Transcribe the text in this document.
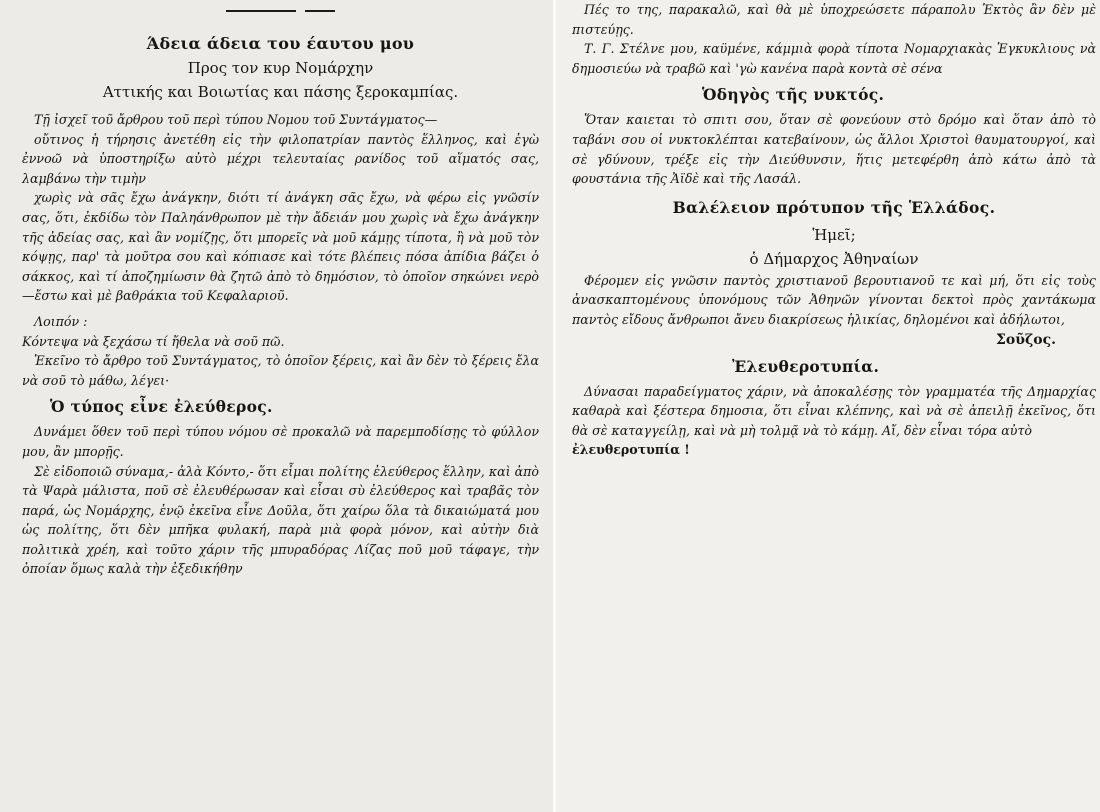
Άδεια άδεια του έαυτου μου
Προς τον κυρ Νομάρχην
Αττικής και Βοιωτίας και πάσης ξεροκαμπίας.

Τῇ ἰσχεῖ τοῦ ἄρθρου τοῦ περὶ τύπου Νομου τοῦ Συντάγματος—

οὔτινος ἡ τήρησις ἀνετέθη εἰς τὴν φιλοπατρίαν παντὸς ἕλληνος, καὶ ἐγὼ ἐννοῶ νὰ ὑποστηρίξω αὐτὸ μέχρι τελευταίας ρανίδος τοῦ αἵματός σας, λαμβάνω τὴν τιμὴν

χωρὶς νὰ σᾶς ἔχω ἀνάγκην, διότι τί ἀνάγκη σᾶς ἔχω, νὰ φέρω εἰς γνῶσίν σας, ὅτι, ἐκδίδω τὸν Παληάνθρωπον μὲ τὴν ἄδειάν μου χωρὶς νὰ ἔχω ἀνάγκην τῆς ἀδείας σας, καὶ ἂν νομίζῃς, ὅτι μπορεῖς νὰ μοῦ κάμῃς τίποτα, ἢ νὰ μοῦ τὸν κόψῃς, παρ' τὰ μοῦτρα σου καὶ κόπιασε καὶ τότε βλέπεις πόσα ἀπίδια βάζει ὁ σάκκος, καὶ τί ἀποζημίωσιν θὰ ζητῶ ἀπὸ τὸ δημόσιον, τὸ ὁποῖον σηκώνει νερὸ—ἔστω καὶ μὲ βαθράκια τοῦ Κεφαλαριοῦ.

Λοιπόν :

Κόντεψα νὰ ξεχάσω τί ἤθελα νὰ σοῦ πῶ.

Ἐκεῖνο τὸ ἄρθρο τοῦ Συντάγματος, τὸ ὁποῖον ξέρεις, καὶ ἂν δὲν τὸ ξέρεις ἔλα νὰ σοῦ τὸ μάθω, λέγει·

Ὁ τύπος εἶνε ἐλεύθερος.

Δυνάμει ὅθεν τοῦ περὶ τύπου νόμου σὲ προκαλῶ νὰ παρεμποδίσῃς τὸ φύλλον μου, ἂν μπορῇς.

Σὲ εἰδοποιῶ σύναμα,- ἀλὰ Κόντο,- ὅτι εἶμαι πολίτης ἐλεύθερος ἕλλην, καὶ ἀπὸ τὰ Ψαρὰ μάλιστα, ποῦ σὲ ἐλευθέρωσαν καὶ εἶσαι σὺ ἐλεύθερος καὶ τραβᾶς τὸν παρά, ὡς Νομάρχης, ἐνῷ ἐκεῖνα εἶνε Δοῦλα, ὅτι χαίρω ὅλα τὰ δικαιώματά μου ὡς πολίτης, ὅτι δὲν μπῆκα φυλακή, παρὰ μιὰ φορὰ μόνον, καὶ αὐτὴν διὰ πολιτικὰ χρέη, καὶ τοῦτο χάριν τῆς μπυραδόρας Λίζας ποῦ μοῦ τάφαγε, τὴν ὁποίαν ὅμως καλὰ τὴν ἐξεδικήθην

Πές το της, παρακαλῶ, καὶ θὰ μὲ ὑποχρεώσετε πάραπολυ Ἐκτὸς ἂν δὲν μὲ πιστεύῃς.

Τ. Γ. Στέλνε μου, καϋμένε, κάμμιὰ φορὰ τίποτα Νομαρχιακὰς Ἐγκυκλιους νὰ δημοσιεύω νὰ τραβῶ καὶ 'γὼ κανένα παρὰ κοντὰ σὲ σένα

Ὁδηγὸς τῆς νυκτός.

Ὅταν καιεται τὸ σπιτι σου, ὅταν σὲ φονεύουν στὸ δρόμο καὶ ὅταν ἀπὸ τὸ ταβάνι σου οἱ νυκτοκλέπται κατεβαίνουν, ὡς ἄλλοι Χριστοὶ θαυματουργοί, καὶ σὲ γδύνουν, τρέξε εἰς τὴν Διεύθυνσιν, ἥτις μετεφέρθη ἀπὸ κάτω ἀπὸ τὰ φουστάνια τῆς Ἀϊδὲ καὶ τῆς Λασάλ.

Βαλέλειον πρότυπον τῆς Ἑλλάδος.
Ἡμεῖ;
ὁ Δήμαρχος Ἀθηναίων

Φέρομεν εἰς γνῶσιν παντὸς χριστιανοῦ βερουτιανοῦ τε καὶ μή, ὅτι εἰς τοὺς ἀνασκαπτομένους ὑπονόμους τῶν Ἀθηνῶν γίνονται δεκτοὶ πρὸς χαντάκωμα παντὸς εἴδους ἄνθρωποι ἄνευ διακρίσεως ἡλικίας, δηλομένοι καὶ ἀδήλωτοι,

Σοῦζος.
Ἐλευθεροτυπία.

Δύνασαι παραδείγματος χάριν, νὰ ἀποκαλέσῃς τὸν γραμματέα τῆς Δημαρχίας καθαρὰ καὶ ξέστερα δημοσια, ὅτι εἶναι κλέπνης, καὶ νὰ σὲ ἀπειλῇ ἐκεῖνος, ὅτι θὰ σὲ καταγγείλῃ, καὶ νὰ μὴ τολμᾷ νὰ τὸ κάμῃ. Αἴ, δὲν εἶναι τόρα αὐτὸ

ἐλευθεροτυπία !
